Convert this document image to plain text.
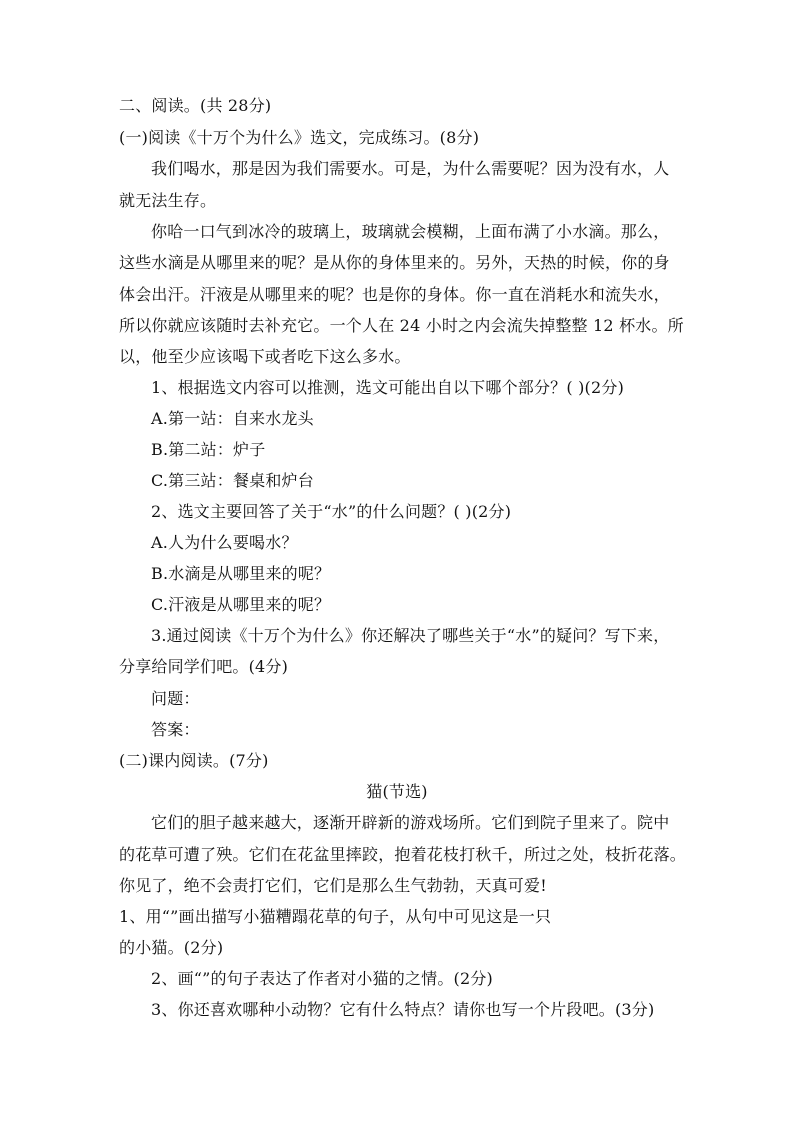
二、阅读。(共 28分)
(一)阅读《十万个为什么》选文，完成练习。(8分)
我们喝水，那是因为我们需要水。可是，为什么需要呢？因为没有水，人
就无法生存。
你哈一口气到冰冷的玻璃上，玻璃就会模糊，上面布满了小水滴。那么，
这些水滴是从哪里来的呢？是从你的身体里来的。另外，天热的时候，你的身
体会出汗。汗液是从哪里来的呢？也是你的身体。你一直在消耗水和流失水，
所以你就应该随时去补充它。一个人在 24 小时之内会流失掉整整 12 杯水。所
以，他至少应该喝下或者吃下这么多水。
1、根据选文内容可以推测，选文可能出自以下哪个部分？( )(2分)
A.第一站：自来水龙头
B.第二站：炉子
C.第三站：餐桌和炉台
2、选文主要回答了关于“水”的什么问题？( )(2分)
A.人为什么要喝水？
B.水滴是从哪里来的呢？
C.汗液是从哪里来的呢？
3.通过阅读《十万个为什么》你还解决了哪些关于“水”的疑问？写下来，
分享给同学们吧。(4分)
问题：
答案：
(二)课内阅读。(7分)
猫(节选)
它们的胆子越来越大，逐渐开辟新的游戏场所。它们到院子里来了。院中
的花草可遭了殃。它们在花盆里摔跤，抱着花枝打秋千，所过之处，枝折花落。
你见了，绝不会责打它们，它们是那么生气勃勃，天真可爱!
1、用“”画出描写小猫糟蹋花草的句子，从句中可见这是一只
的小猫。(2分)
2、画“”的句子表达了作者对小猫的之情。(2分)
3、你还喜欢哪种小动物？它有什么特点？请你也写一个片段吧。(3分)
